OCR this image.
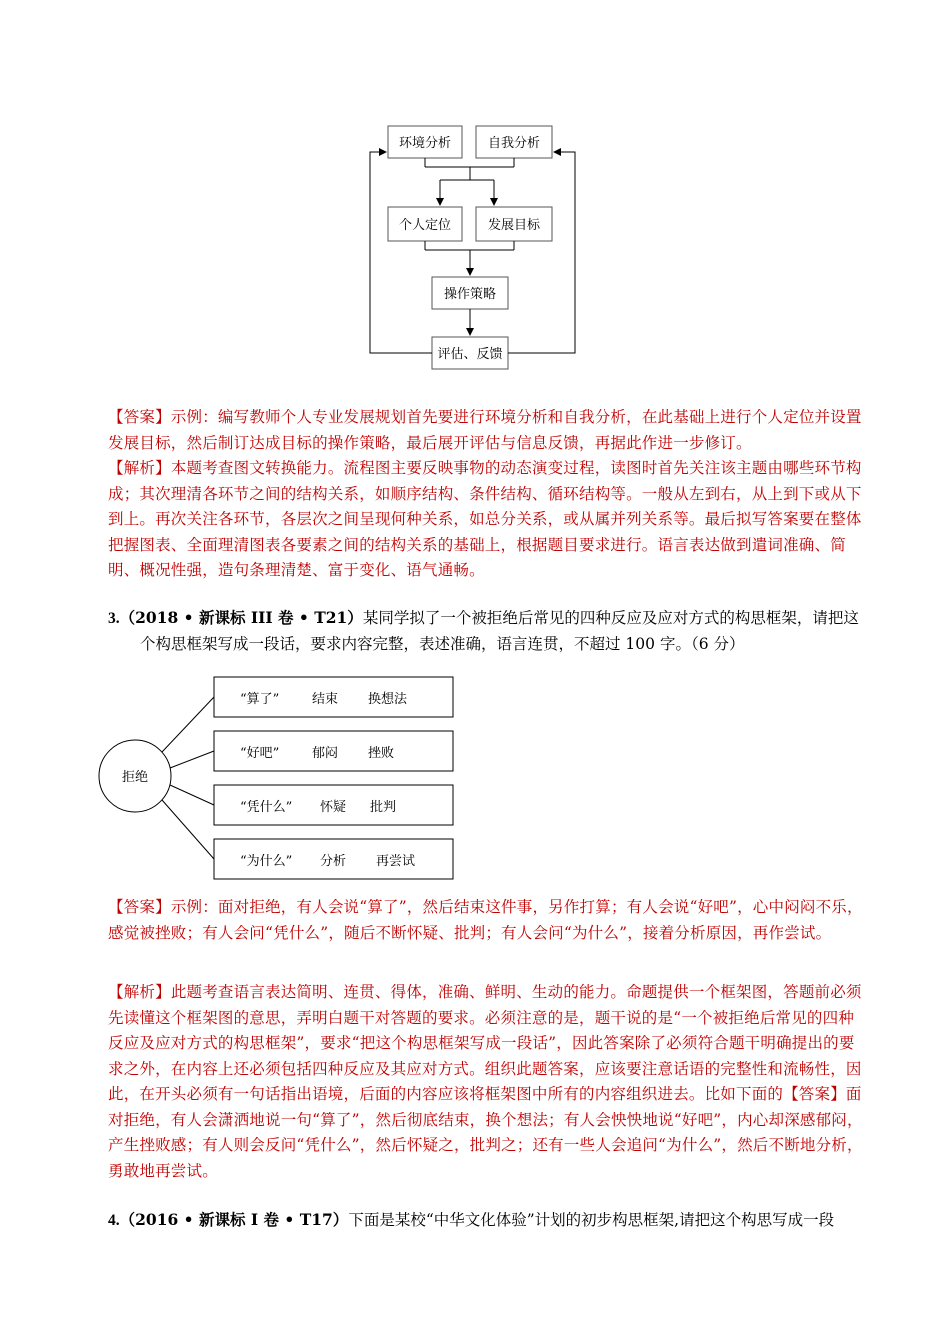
环境分析	自我分析
个人定位	发展目标
操作策略
评估、反馈

【答案】示例：编写教师个人专业发展规划首先要进行环境分析和自我分析，在此基础上进行个人定位并设置发展目标，然后制订达成目标的操作策略，最后展开评估与信息反馈，再据此作进一步修订。

【解析】本题考查图文转换能力。流程图主要反映事物的动态演变过程，读图时首先关注该主题由哪些环节构成；其次理清各环节之间的结构关系，如顺序结构、条件结构、循环结构等。一般从左到右，从上到下或从下到上。再次关注各环节，各层次之间呈现何种关系，如总分关系，或从属并列关系等。最后拟写答案要在整体把握图表、全面理清图表各要素之间的结构关系的基础上，根据题目要求进行。语言表达做到遣词准确、简明、概况性强，造句条理清楚、富于变化、语气通畅。

3.（2018 • 新课标 III 卷 • T21）某同学拟了一个被拒绝后常见的四种反应及应对方式的构思框架，请把这
个构思框架写成一段话，要求内容完整，表述准确，语言连贯，不超过 100 字。（6 分）

拒绝
“算了”	结束 换想法
“好吧”	郁闷 挫败
“凭什么” 怀疑 批判
“为什么” 分析 再尝试

【答案】示例：面对拒绝，有人会说“算了”，然后结束这件事，另作打算；有人会说“好吧”，心中闷闷不乐，感觉被挫败；有人会问“凭什么”，随后不断怀疑、批判；有人会问“为什么”，接着分析原因，再作尝试。

【解析】此题考查语言表达简明、连贯、得体，准确、鲜明、生动的能力。命题提供一个框架图，答题前必须先读懂这个框架图的意思，弄明白题干对答题的要求。必须注意的是，题干说的是“一个被拒绝后常见的四种反应及应对方式的构思框架”，要求“把这个构思框架写成一段话”，因此答案除了必须符合题干明确提出的要求之外，在内容上还必须包括四种反应及其应对方式。组织此题答案，应该要注意话语的完整性和流畅性，因此，在开头必须有一句话指出语境，后面的内容应该将框架图中所有的内容组织进去。比如下面的【答案】面对拒绝，有人会潇洒地说一句“算了”，然后彻底结束，换个想法；有人会怏怏地说“好吧”，内心却深感郁闷，产生挫败感；有人则会反问“凭什么”，然后怀疑之，批判之；还有一些人会追问“为什么”，然后不断地分析，勇敢地再尝试。

4.（2016 • 新课标 I 卷 • T17）下面是某校“中华文化体验”计划的初步构思框架,请把这个构思写成一段
